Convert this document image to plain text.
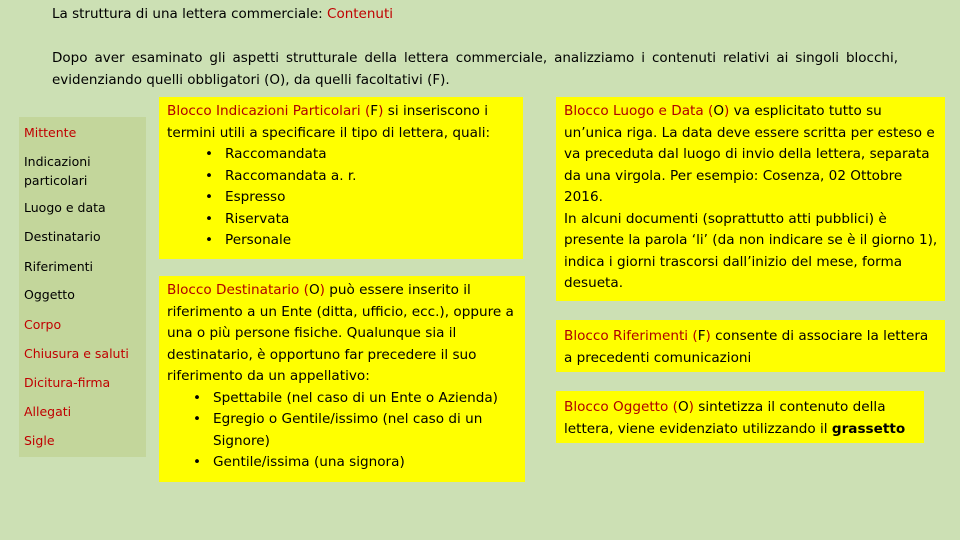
La struttura di una lettera commerciale: Contenuti
Dopo aver esaminato gli aspetti strutturale della lettera commerciale, analizziamo i contenuti relativi ai singoli blocchi, evidenziando quelli obbligatori (O), da quelli facoltativi (F).
Mittente
Indicazioni particolari
Luogo e data
Destinatario
Riferimenti
Oggetto
Corpo
Chiusura e saluti
Dicitura-firma
Allegati
Sigle

Blocco Indicazioni Particolari (F) si inseriscono i termini utili a specificare il tipo di lettera, quali:

• Raccomandata
• Raccomandata a. r.
• Espresso
• Riservata
• Personale

Blocco Destinatario (O) può essere inserito il riferimento a un Ente (ditta, ufficio, ecc.), oppure a una o più persone fisiche. Qualunque sia il destinatario, è opportuno far precedere il suo riferimento da un appellativo:

• Spettabile (nel caso di un Ente o Azienda)
• Egregio o Gentile/issimo (nel caso di un Signore)
• Gentile/issima (una signora)

Blocco Luogo e Data (O) va esplicitato tutto su un’unica riga. La data deve essere scritta per esteso e va preceduta dal luogo di invio della lettera, separata da una virgola. Per esempio: Cosenza, 02 Ottobre 2016.

In alcuni documenti (soprattutto atti pubblici) è presente la parola ‘li’ (da non indicare se è il giorno 1), indica i giorni trascorsi dall’inizio del mese, forma desueta.

Blocco Riferimenti (F) consente di associare la lettera a precedenti comunicazioni

Blocco Oggetto (O) sintetizza il contenuto della lettera, viene evidenziato utilizzando il grassetto
